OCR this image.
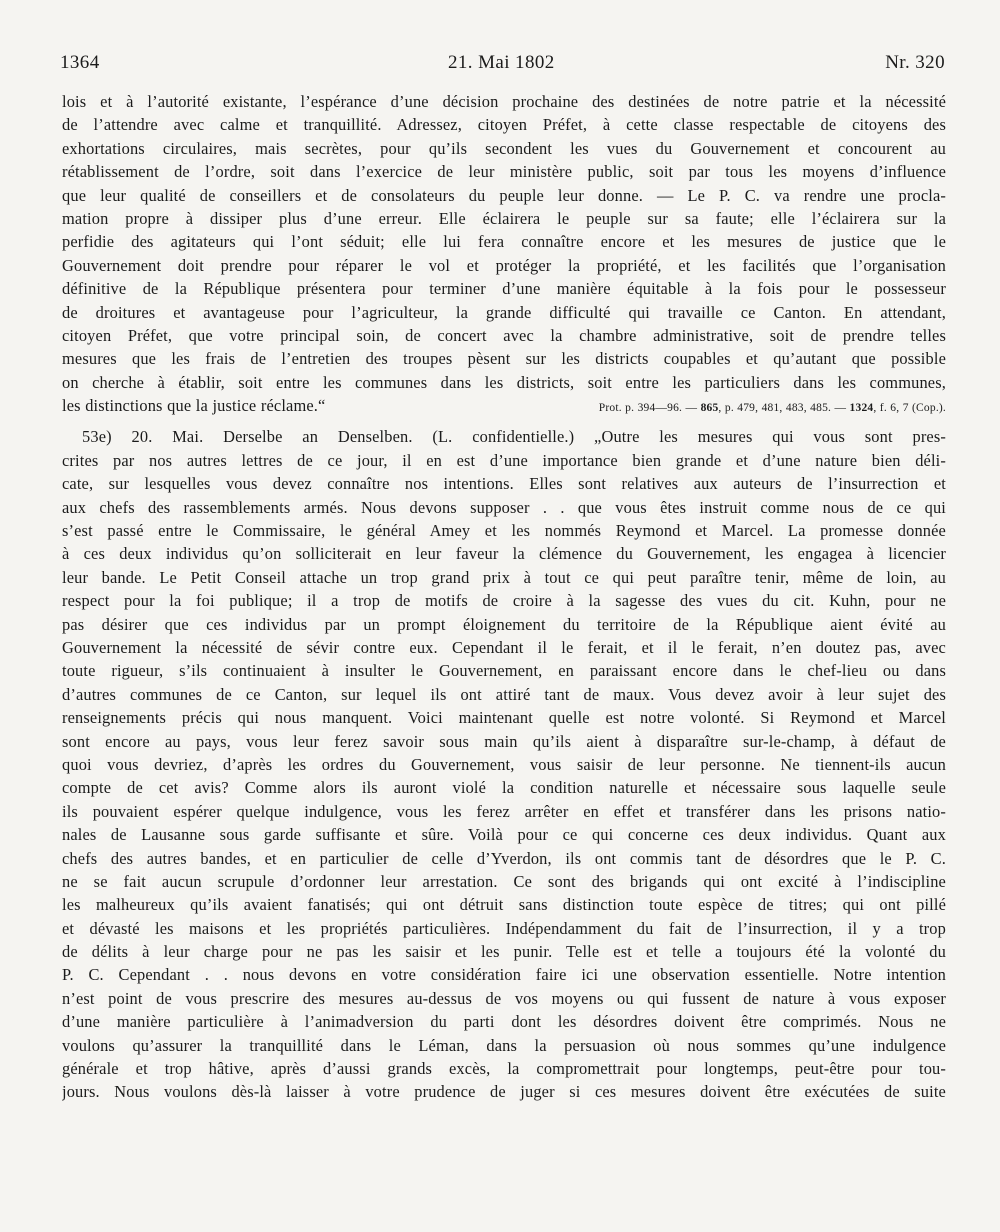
1364	21. Mai 1802	Nr. 320
lois et à l’autorité existante, l’espérance d’une décision prochaine des destinées de notre patrie et la nécessité
de l’attendre avec calme et tranquillité. Adressez, citoyen Préfet, à cette classe respectable de citoyens des
exhortations circulaires, mais secrètes, pour qu’ils secondent les vues du Gouvernement et concourent au
rétablissement de l’ordre, soit dans l’exercice de leur ministère public, soit par tous les moyens d’influence
que leur qualité de conseillers et de consolateurs du peuple leur donne. — Le P. C. va rendre une procla-
mation propre à dissiper plus d’une erreur. Elle éclairera le peuple sur sa faute; elle l’éclairera sur la
perfidie des agitateurs qui l’ont séduit; elle lui fera connaître encore et les mesures de justice que le
Gouvernement doit prendre pour réparer le vol et protéger la propriété, et les facilités que l’organisation
définitive de la République présentera pour terminer d’une manière équitable à la fois pour le possesseur
de droitures et avantageuse pour l’agriculteur, la grande difficulté qui travaille ce Canton. En attendant,
citoyen Préfet, que votre principal soin, de concert avec la chambre administrative, soit de prendre telles
mesures que les frais de l’entretien des troupes pèsent sur les districts coupables et qu’autant que possible
on cherche à établir, soit entre les communes dans les districts, soit entre les particuliers dans les communes,
les distinctions que la justice réclame.“	Prot. p. 394—96. — 865, p. 479, 481, 483, 485. — 1324, f. 6, 7 (Cop.).
53e) 20. Mai. Derselbe an Denselben. (L. confidentielle.) „Outre les mesures qui vous sont pres-
crites par nos autres lettres de ce jour, il en est d’une importance bien grande et d’une nature bien déli-
cate, sur lesquelles vous devez connaître nos intentions. Elles sont relatives aux auteurs de l’insurrection et
aux chefs des rassemblements armés. Nous devons supposer . . que vous êtes instruit comme nous de ce qui
s’est passé entre le Commissaire, le général Amey et les nommés Reymond et Marcel. La promesse donnée
à ces deux individus qu’on solliciterait en leur faveur la clémence du Gouvernement, les engagea à licencier
leur bande. Le Petit Conseil attache un trop grand prix à tout ce qui peut paraître tenir, même de loin, au
respect pour la foi publique; il a trop de motifs de croire à la sagesse des vues du cit. Kuhn, pour ne
pas désirer que ces individus par un prompt éloignement du territoire de la République aient évité au
Gouvernement la nécessité de sévir contre eux. Cependant il le ferait, et il le ferait, n’en doutez pas, avec
toute rigueur, s’ils continuaient à insulter le Gouvernement, en paraissant encore dans le chef-lieu ou dans
d’autres communes de ce Canton, sur lequel ils ont attiré tant de maux. Vous devez avoir à leur sujet des
renseignements précis qui nous manquent. Voici maintenant quelle est notre volonté. Si Reymond et Marcel
sont encore au pays, vous leur ferez savoir sous main qu’ils aient à disparaître sur-le-champ, à défaut de
quoi vous devriez, d’après les ordres du Gouvernement, vous saisir de leur personne. Ne tiennent-ils aucun
compte de cet avis? Comme alors ils auront violé la condition naturelle et nécessaire sous laquelle seule
ils pouvaient espérer quelque indulgence, vous les ferez arrêter en effet et transférer dans les prisons natio-
nales de Lausanne sous garde suffisante et sûre. Voilà pour ce qui concerne ces deux individus. Quant aux
chefs des autres bandes, et en particulier de celle d’Yverdon, ils ont commis tant de désordres que le P. C.
ne se fait aucun scrupule d’ordonner leur arrestation. Ce sont des brigands qui ont excité à l’indiscipline
les malheureux qu’ils avaient fanatisés; qui ont détruit sans distinction toute espèce de titres; qui ont pillé
et dévasté les maisons et les propriétés particulières. Indépendamment du fait de l’insurrection, il y a trop
de délits à leur charge pour ne pas les saisir et les punir. Telle est et telle a toujours été la volonté du
P. C. Cependant . . nous devons en votre considération faire ici une observation essentielle. Notre intention
n’est point de vous prescrire des mesures au-dessus de vos moyens ou qui fussent de nature à vous exposer
d’une manière particulière à l’animadversion du parti dont les désordres doivent être comprimés. Nous ne
voulons qu’assurer la tranquillité dans le Léman, dans la persuasion où nous sommes qu’une indulgence
générale et trop hâtive, après d’aussi grands excès, la compromettrait pour longtemps, peut-être pour tou-
jours. Nous voulons dès-là laisser à votre prudence de juger si ces mesures doivent être exécutées de suite
